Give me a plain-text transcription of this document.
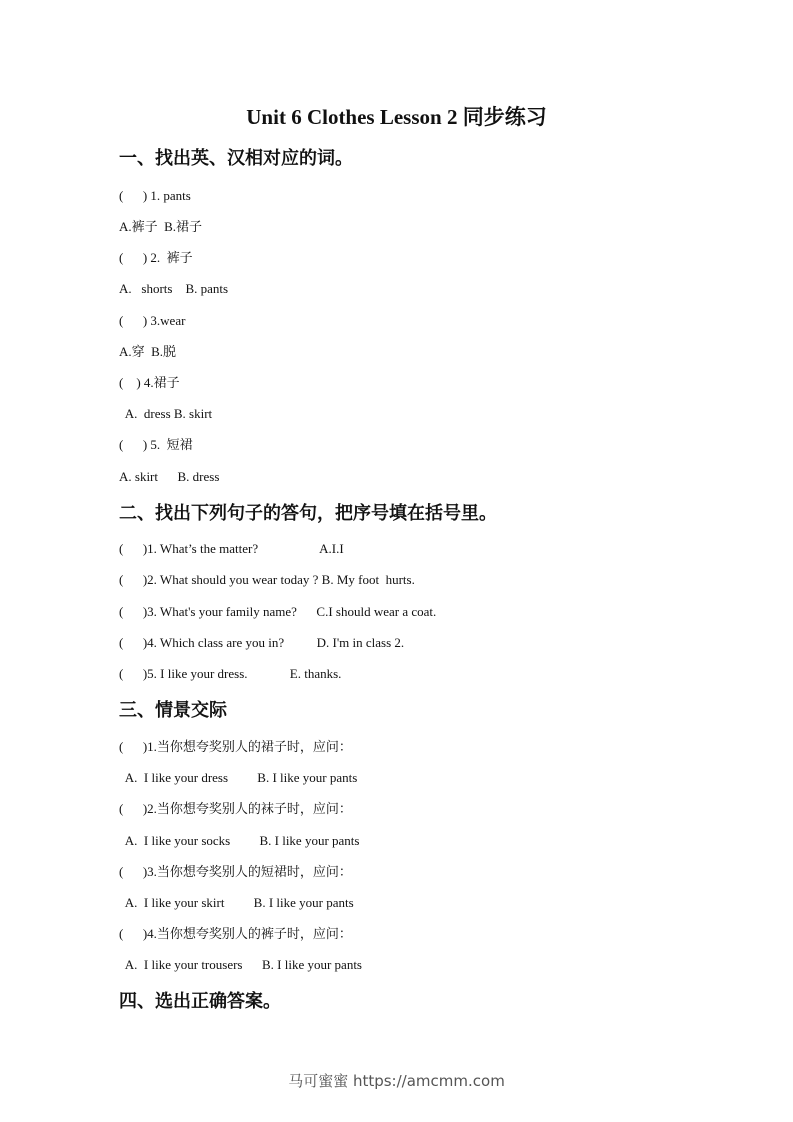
Unit 6 Clothes Lesson 2 同步练习
一、找出英、汉相对应的词。
(      ) 1. pants
A.裤子  B.裙子
(      ) 2.  裤子
A.   shorts    B. pants
(      ) 3.wear
A.穿  B.脱
(    ) 4.裙子
A.  dress B. skirt
(      ) 5.  短裙
A. skirt      B. dress
二、找出下列句子的答句，把序号填在括号里。
(      )1. What’s the matter?                   A.I.I
(      )2. What should you wear today ? B. My foot  hurts.
(      )3. What's your family name?      C.I should wear a coat.
(      )4. Which class are you in?          D. I'm in class 2.
(      )5. I like your dress.             E. thanks.
三、情景交际
(      )1.当你想夸奖别人的裙子时，应问：
A.  I like your dress         B. I like your pants
(      )2.当你想夸奖别人的袜子时，应问：
A.  I like your socks         B. I like your pants
(      )3.当你想夸奖别人的短裙时，应问：
A.  I like your skirt         B. I like your pants
(      )4.当你想夸奖别人的裤子时，应问：
A.  I like your trousers      B. I like your pants
四、选出正确答案。
马可蜜蜜 https://amcmm.com
